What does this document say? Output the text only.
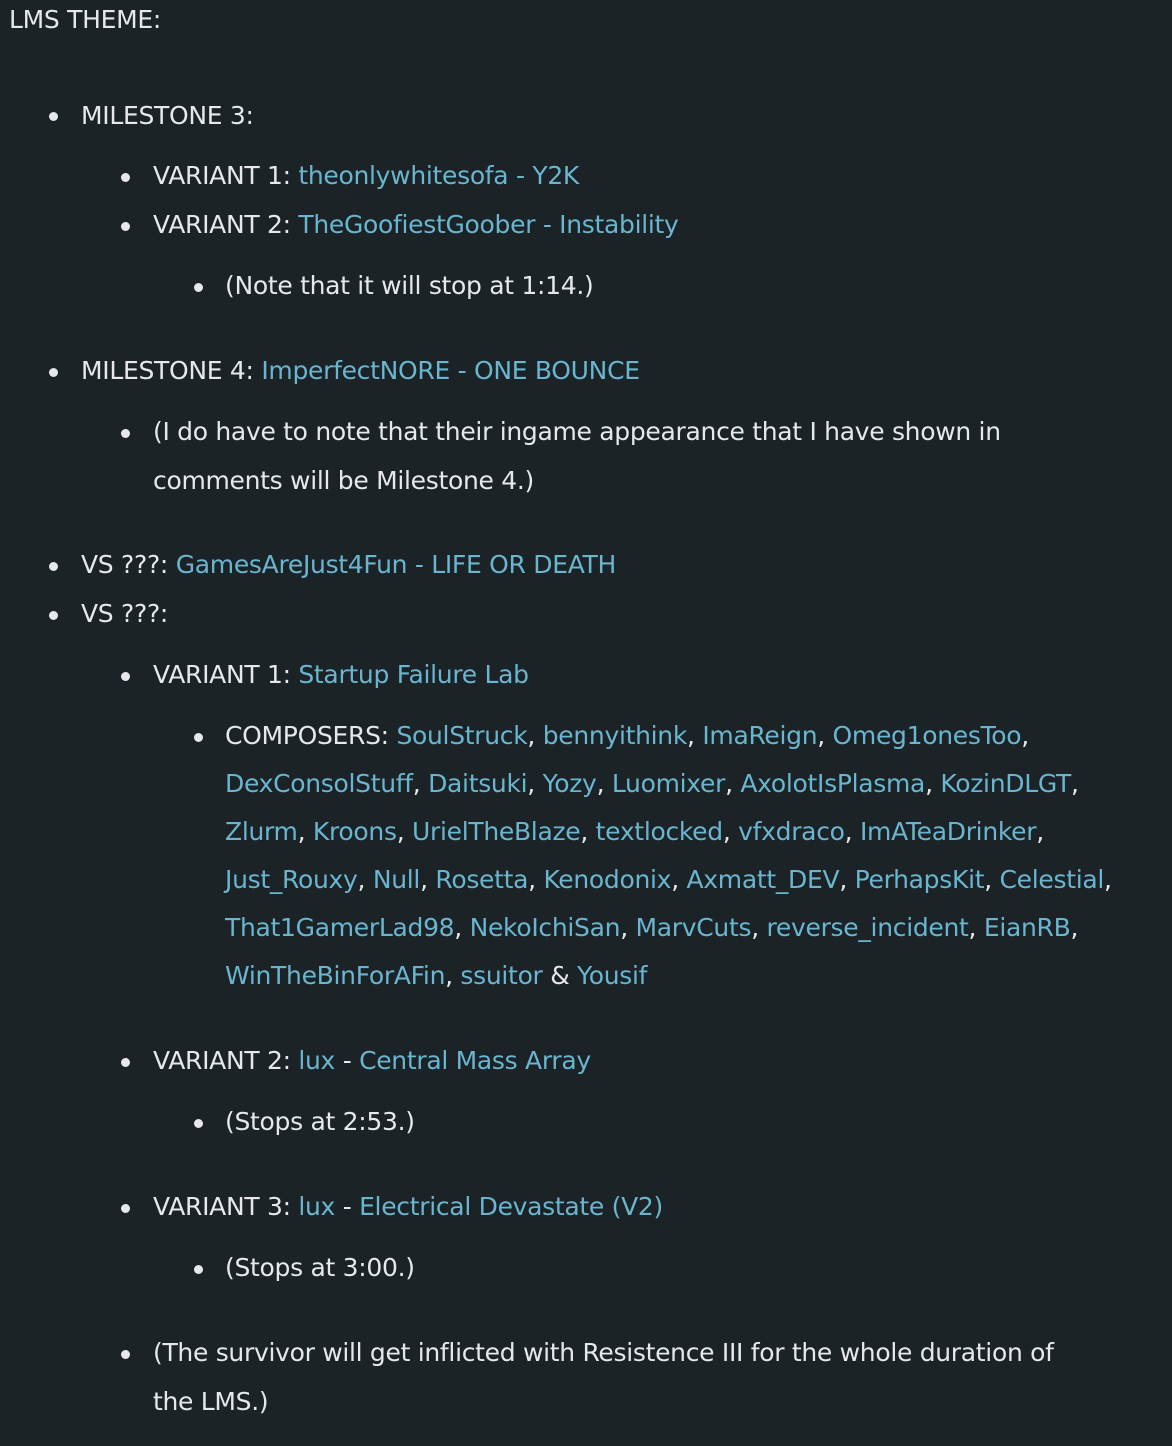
LMS THEME:
MILESTONE 3:
VARIANT 1: theonlywhitesofa - Y2K
VARIANT 2: TheGoofiestGoober - Instability
(Note that it will stop at 1:14.)
MILESTONE 4: ImperfectNORE - ONE BOUNCE
(I do have to note that their ingame appearance that I have shown in
comments will be Milestone 4.)
VS ???: GamesAreJust4Fun - LIFE OR DEATH
VS ???:
VARIANT 1: Startup Failure Lab
COMPOSERS: SoulStruck, bennyithink, ImaReign, Omeg1onesToo, DexConsolStuff, Daitsuki, Yozy, Luomixer, AxolotIsPlasma, KozinDLGT, Zlurm, Kroons, UrielTheBlaze, textlocked, vfxdraco, ImATeaDrinker, Just_Rouxy, Null, Rosetta, Kenodonix, Axmatt_DEV, PerhapsKit, Celestial, That1GamerLad98, NekoIchiSan, MarvCuts, reverse_incident, EianRB, WinTheBinForAFin, ssuitor & Yousif
VARIANT 2: lux - Central Mass Array
(Stops at 2:53.)
VARIANT 3: lux - Electrical Devastate (V2)
(Stops at 3:00.)
(The survivor will get inflicted with Resistence III for the whole duration of
the LMS.)
